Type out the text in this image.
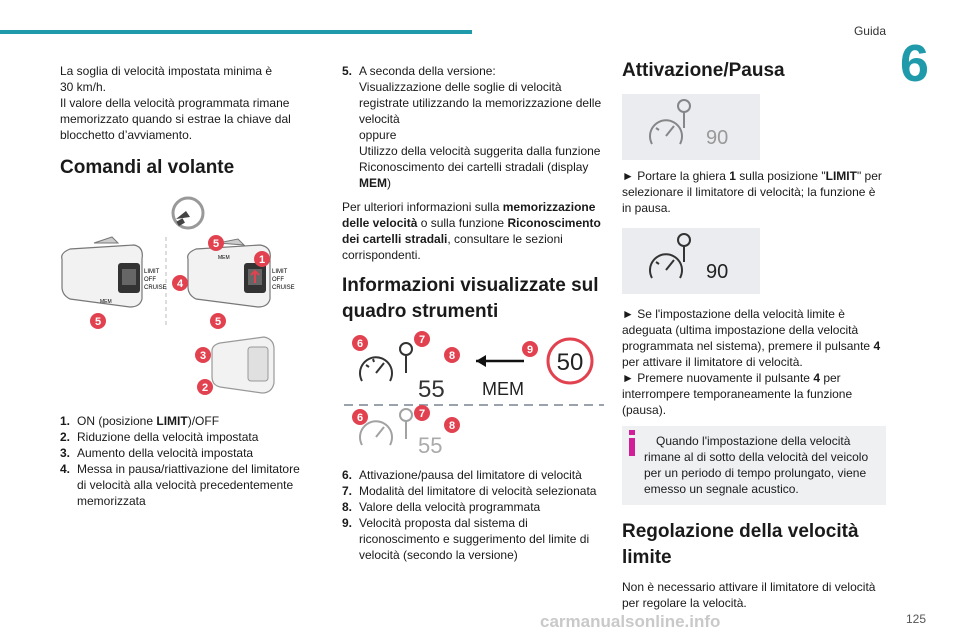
Guida
6
La soglia di velocità impostata minima è
30 km/h.
Il valore della velocità programmata rimane
memorizzato quando si estrae la chiave dal
blocchetto d’avviamento.
Comandi al volante
LIMIT
OFF
CRUISE
MEM
MEM
LIMIT
OFF
CRUISE
5
1
4
5	5
3
2
1. ON (posizione LIMIT)/OFF
2. Riduzione della velocità impostata
3. Aumento della velocità impostata
4. Messa in pausa/riattivazione del limitatore di velocità alla velocità precedentemente memorizzata
5. A seconda della versione:
Visualizzazione delle soglie di velocità registrate utilizzando la memorizzazione delle velocità
oppure
Utilizzo della velocità suggerita dalla funzione Riconoscimento dei cartelli stradali (display MEM)

Per ulteriori informazioni sulla memorizzazione delle velocità o sulla funzione Riconoscimento dei cartelli stradali, consultare le sezioni corrispondenti.

Informazioni visualizzate sul quadro strumenti
55 MEM
50
55
6	7
8	9
6	7
8
6. Attivazione/pausa del limitatore di velocità
7. Modalità del limitatore di velocità selezionata
8. Valore della velocità programmata
9. Velocità proposta dal sistema di riconoscimento e suggerimento del limite di velocità (secondo la versione)
Attivazione/Pausa
90

► Portare la ghiera 1 sulla posizione "LIMIT" per selezionare il limitatore di velocità; la funzione è in pausa.

90

► Se l'impostazione della velocità limite è adeguata (ultima impostazione della velocità programmata nel sistema), premere il pulsante 4 per attivare il limitatore di velocità.

► Premere nuovamente il pulsante 4 per interrompere temporaneamente la funzione (pausa).

Quando l'impostazione della velocità rimane al di sotto della velocità del veicolo per un periodo di tempo prolungato, viene emesso un segnale acustico.
Regolazione della velocità limite

Non è necessario attivare il limitatore di velocità per regolare la velocità.

carmanualsonline.info	125
